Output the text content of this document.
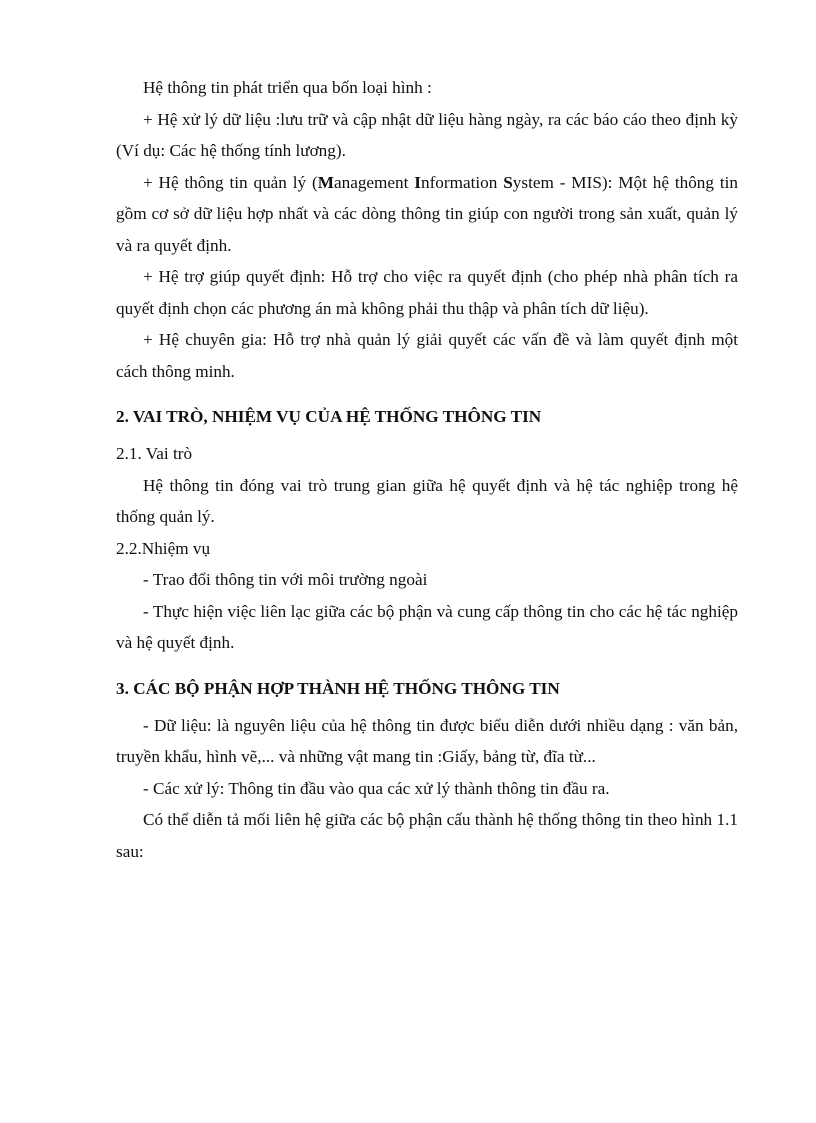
Hệ thông tin phát triển qua bốn loại hình :

+ Hệ xử lý dữ liệu :lưu trữ và cập nhật dữ liệu hàng ngày, ra các báo cáo theo định kỳ (Ví dụ: Các hệ thống tính lương).

+ Hệ thông tin quản lý (Management Information System - MIS): Một hệ thông tin gồm cơ sở dữ liệu hợp nhất và các dòng thông tin giúp con người trong sản xuất, quản lý và ra quyết định.

+ Hệ trợ giúp quyết định: Hỗ trợ cho việc ra quyết định (cho phép nhà phân tích ra quyết định chọn các phương án mà không phải thu thập và phân tích dữ liệu).

+ Hệ chuyên gia: Hỗ trợ nhà quản lý giải quyết các vấn đề và làm quyết định một cách thông minh.

2. VAI TRÒ, NHIỆM VỤ CỦA HỆ THỐNG THÔNG TIN

2.1. Vai trò

Hệ thông tin đóng vai trò trung gian giữa hệ quyết định và hệ tác nghiệp trong hệ thống quản lý.

2.2.Nhiệm vụ

- Trao đổi thông tin với môi trường ngoài

- Thực hiện việc liên lạc giữa các bộ phận và cung cấp thông tin cho các hệ tác nghiệp và hệ quyết định.

3. CÁC BỘ PHẬN HỢP THÀNH HỆ THỐNG THÔNG TIN

- Dữ liệu: là nguyên liệu của hệ thông tin được biểu diễn dưới nhiều dạng : văn bản, truyền khẩu, hình vẽ,... và những vật mang tin :Giấy, bảng từ, đĩa từ...

- Các xử lý: Thông tin đầu vào qua các xử lý thành thông tin đầu ra.

Có thể diễn tả mối liên hệ giữa các bộ phận cấu thành hệ thống thông tin theo hình 1.1 sau:
